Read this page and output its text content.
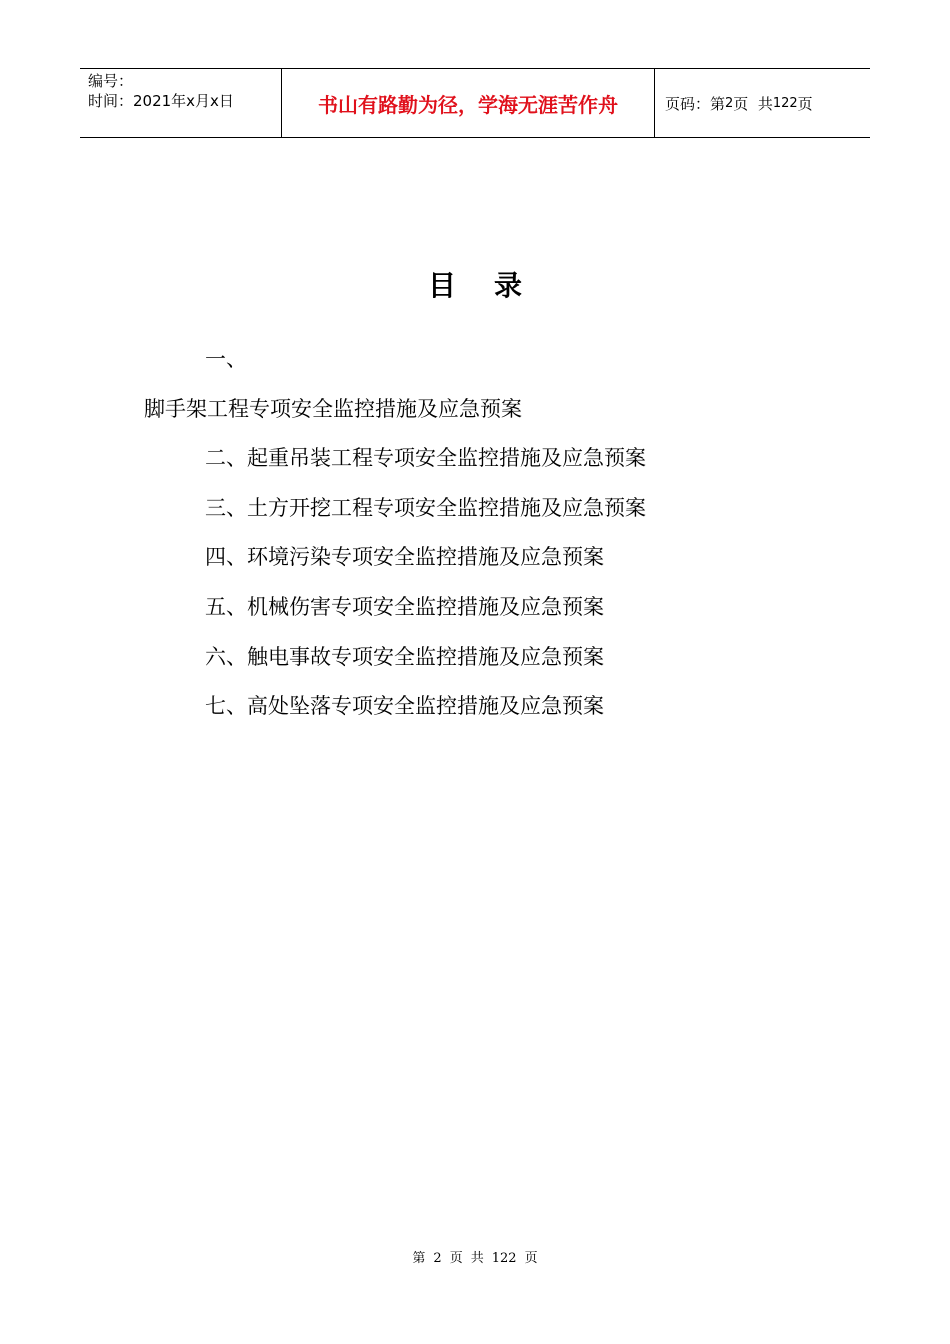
编号：
时间：2021年x月x日	书山有路勤为径，学海无涯苦作舟	页码：第 2 页  共 122 页
目录
一、
脚手架工程专项安全监控措施及应急预案
二、起重吊装工程专项安全监控措施及应急预案
三、土方开挖工程专项安全监控措施及应急预案
四、环境污染专项安全监控措施及应急预案
五、机械伤害专项安全监控措施及应急预案
六、触电事故专项安全监控措施及应急预案
七、高处坠落专项安全监控措施及应急预案
第 2 页 共 122 页
